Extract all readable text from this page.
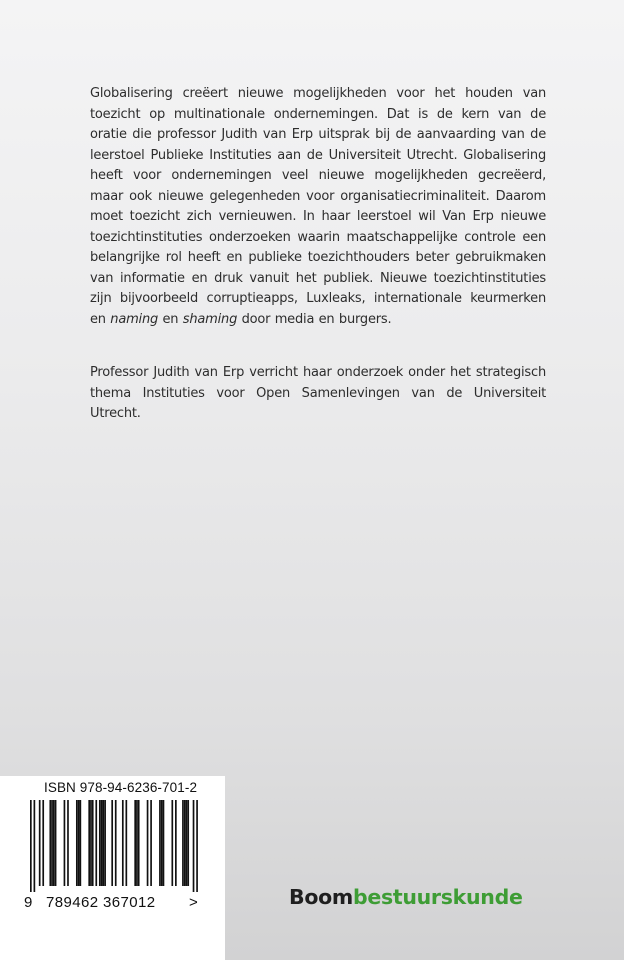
Globalisering creëert nieuwe mogelijkheden voor het houden van toezicht op multinationale ondernemingen. Dat is de kern van de oratie die professor Judith van Erp uitsprak bij de aanvaarding van de leerstoel Publieke Instituties aan de Universiteit Utrecht. Globalisering heeft voor ondernemingen veel nieuwe mogelijkheden gecreëerd, maar ook nieuwe gelegenheden voor organisatiecriminaliteit. Daarom moet toezicht zich vernieuwen. In haar leerstoel wil Van Erp nieuwe toezichtinstituties onderzoeken waarin maatschappelijke controle een belangrijke rol heeft en publieke toezichthouders beter gebruikmaken van informatie en druk vanuit het publiek. Nieuwe toezichtinstituties zijn bijvoorbeeld corruptieapps, Luxleaks, internationale keurmerken en naming en shaming door media en burgers.
Professor Judith van Erp verricht haar onderzoek onder het strategisch thema Instituties voor Open Samenlevingen van de Universiteit Utrecht.
ISBN 978-94-6236-701-2
9 789462 367012 >	Boombestuurskunde
